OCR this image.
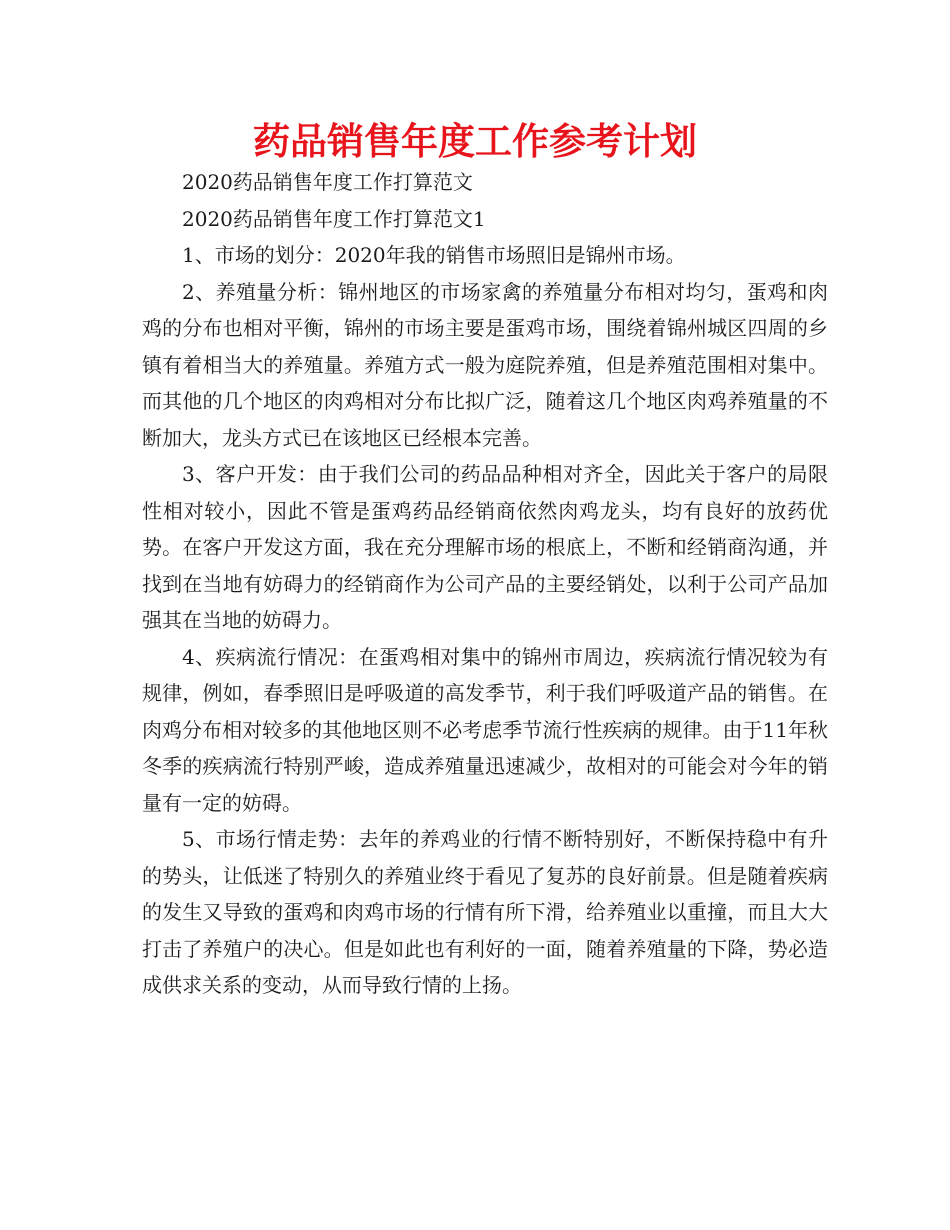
药品销售年度工作参考计划

2020药品销售年度工作打算范文

2020药品销售年度工作打算范文1

1、市场的划分：2020年我的销售市场照旧是锦州市场。

2、养殖量分析：锦州地区的市场家禽的养殖量分布相对均匀，蛋鸡和肉鸡的分布也相对平衡，锦州的市场主要是蛋鸡市场，围绕着锦州城区四周的乡镇有着相当大的养殖量。养殖方式一般为庭院养殖，但是养殖范围相对集中。而其他的几个地区的肉鸡相对分布比拟广泛，随着这几个地区肉鸡养殖量的不断加大，龙头方式已在该地区已经根本完善。

3、客户开发：由于我们公司的药品品种相对齐全，因此关于客户的局限性相对较小，因此不管是蛋鸡药品经销商依然肉鸡龙头，均有良好的放药优势。在客户开发这方面，我在充分理解市场的根底上，不断和经销商沟通，并找到在当地有妨碍力的经销商作为公司产品的主要经销处，以利于公司产品加强其在当地的妨碍力。

4、疾病流行情况：在蛋鸡相对集中的锦州市周边，疾病流行情况较为有规律，例如，春季照旧是呼吸道的高发季节，利于我们呼吸道产品的销售。在肉鸡分布相对较多的其他地区则不必考虑季节流行性疾病的规律。由于11年秋冬季的疾病流行特别严峻，造成养殖量迅速减少，故相对的可能会对今年的销量有一定的妨碍。

5、市场行情走势：去年的养鸡业的行情不断特别好，不断保持稳中有升的势头，让低迷了特别久的养殖业终于看见了复苏的良好前景。但是随着疾病的发生又导致的蛋鸡和肉鸡市场的行情有所下滑，给养殖业以重撞，而且大大打击了养殖户的决心。但是如此也有利好的一面，随着养殖量的下降，势必造成供求关系的变动，从而导致行情的上扬。
